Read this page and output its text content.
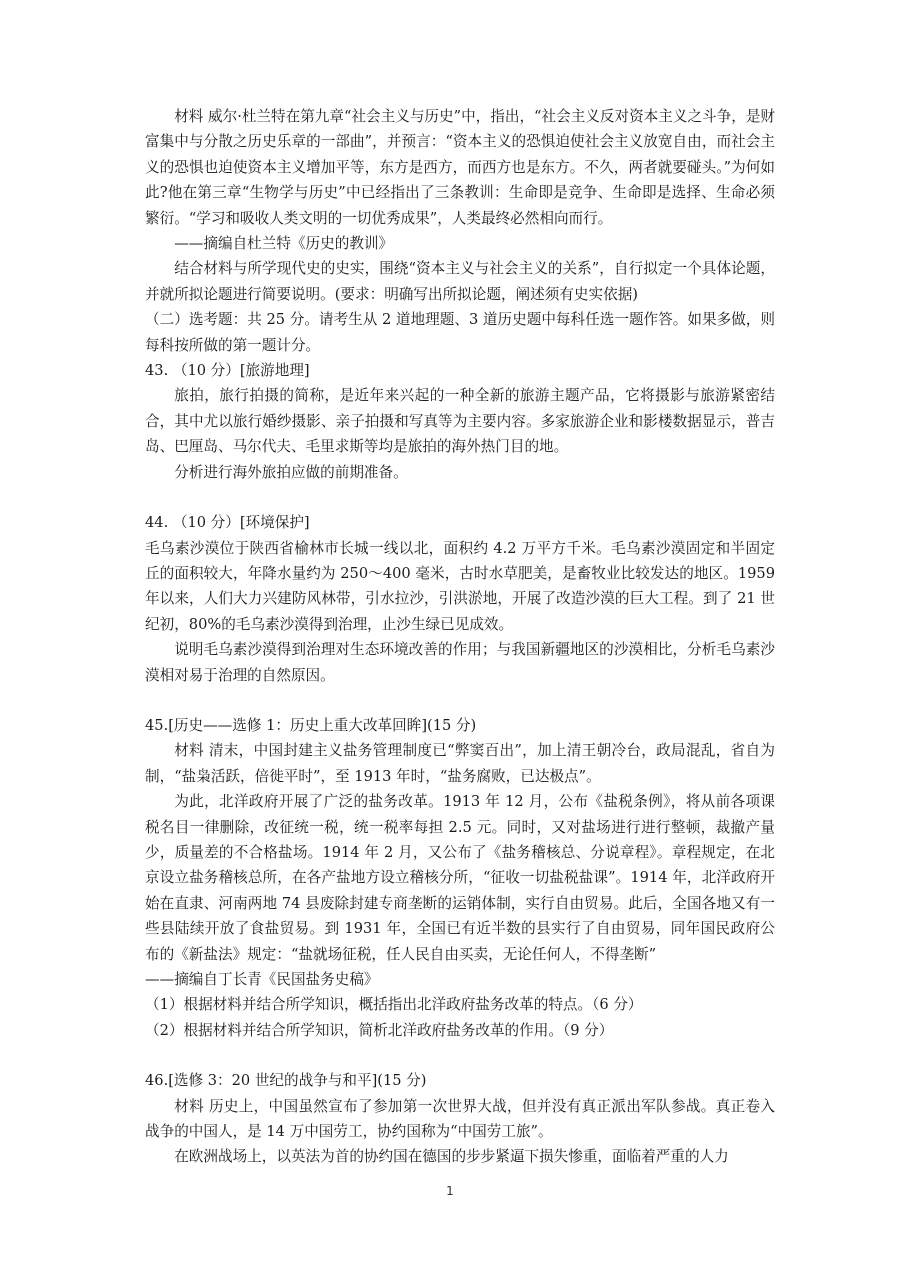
材料 威尔·杜兰特在第九章“社会主义与历史”中，指出，“社会主义反对资本主义之斗争，是财富集中与分散之历史乐章的一部曲”，并预言：“资本主义的恐惧迫使社会主义放宽自由，而社会主义的恐惧也迫使资本主义增加平等，东方是西方，而西方也是东方。不久，两者就要碰头。”为何如此?他在第三章“生物学与历史”中已经指出了三条教训：生命即是竞争、生命即是选择、生命必须繁衍。“学习和吸收人类文明的一切优秀成果”，人类最终必然相向而行。

——摘编自杜兰特《历史的教训》

结合材料与所学现代史的史实，围绕“资本主义与社会主义的关系”，自行拟定一个具体论题，并就所拟论题进行简要说明。(要求：明确写出所拟论题，阐述须有史实依据)

（二）选考题：共 25 分。请考生从 2 道地理题、3 道历史题中每科任选一题作答。如果多做，则每科按所做的第一题计分。

43. （10 分）[旅游地理]

旅拍，旅行拍摄的简称，是近年来兴起的一种全新的旅游主题产品，它将摄影与旅游紧密结合，其中尤以旅行婚纱摄影、亲子拍摄和写真等为主要内容。多家旅游企业和影楼数据显示，普吉岛、巴厘岛、马尔代夫、毛里求斯等均是旅拍的海外热门目的地。

分析进行海外旅拍应做的前期准备。

44. （10 分）[环境保护]

毛乌素沙漠位于陕西省榆林市长城一线以北，面积约 4.2 万平方千米。毛乌素沙漠固定和半固定丘的面积较大，年降水量约为 250～400 毫米，古时水草肥美，是畜牧业比较发达的地区。1959 年以来，人们大力兴建防风林带，引水拉沙，引洪淤地，开展了改造沙漠的巨大工程。到了 21 世纪初，80%的毛乌素沙漠得到治理，止沙生绿已见成效。

说明毛乌素沙漠得到治理对生态环境改善的作用；与我国新疆地区的沙漠相比，分析毛乌素沙漠相对易于治理的自然原因。

45.[历史——选修 1：历史上重大改革回眸](15 分)

材料 清末，中国封建主义盐务管理制度已“弊窦百出”，加上清王朝冷台，政局混乱，省自为制，“盐枭活跃，倍徙平时”，至 1913 年时，“盐务腐败，已达极点”。

为此，北洋政府开展了广泛的盐务改革。1913 年 12 月，公布《盐税条例》，将从前各项课税名目一律删除，改征统一税，统一税率每担 2.5 元。同时，又对盐场进行进行整顿，裁撤产量少，质量差的不合格盐场。1914 年 2 月，又公布了《盐务稽核总、分说章程》。章程规定，在北京设立盐务稽核总所，在各产盐地方设立稽核分所，“征收一切盐税盐课”。1914 年，北洋政府开始在直隶、河南两地 74 县废除封建专商垄断的运销体制，实行自由贸易。此后，全国各地又有一些县陆续开放了食盐贸易。到 1931 年，全国已有近半数的县实行了自由贸易，同年国民政府公布的《新盐法》规定：“盐就场征税，任人民自由买卖，无论任何人，不得垄断”

——摘编自丁长青《民国盐务史稿》

（1）根据材料并结合所学知识，概括指出北洋政府盐务改革的特点。（6 分）

（2）根据材料并结合所学知识，简析北洋政府盐务改革的作用。（9 分）

46.[选修 3：20 世纪的战争与和平](15 分)

材料 历史上，中国虽然宣布了参加第一次世界大战，但并没有真正派出军队参战。真正卷入战争的中国人，是 14 万中国劳工，协约国称为“中国劳工旅”。

在欧洲战场上，以英法为首的协约国在德国的步步紧逼下损失惨重，面临着严重的人力

1
